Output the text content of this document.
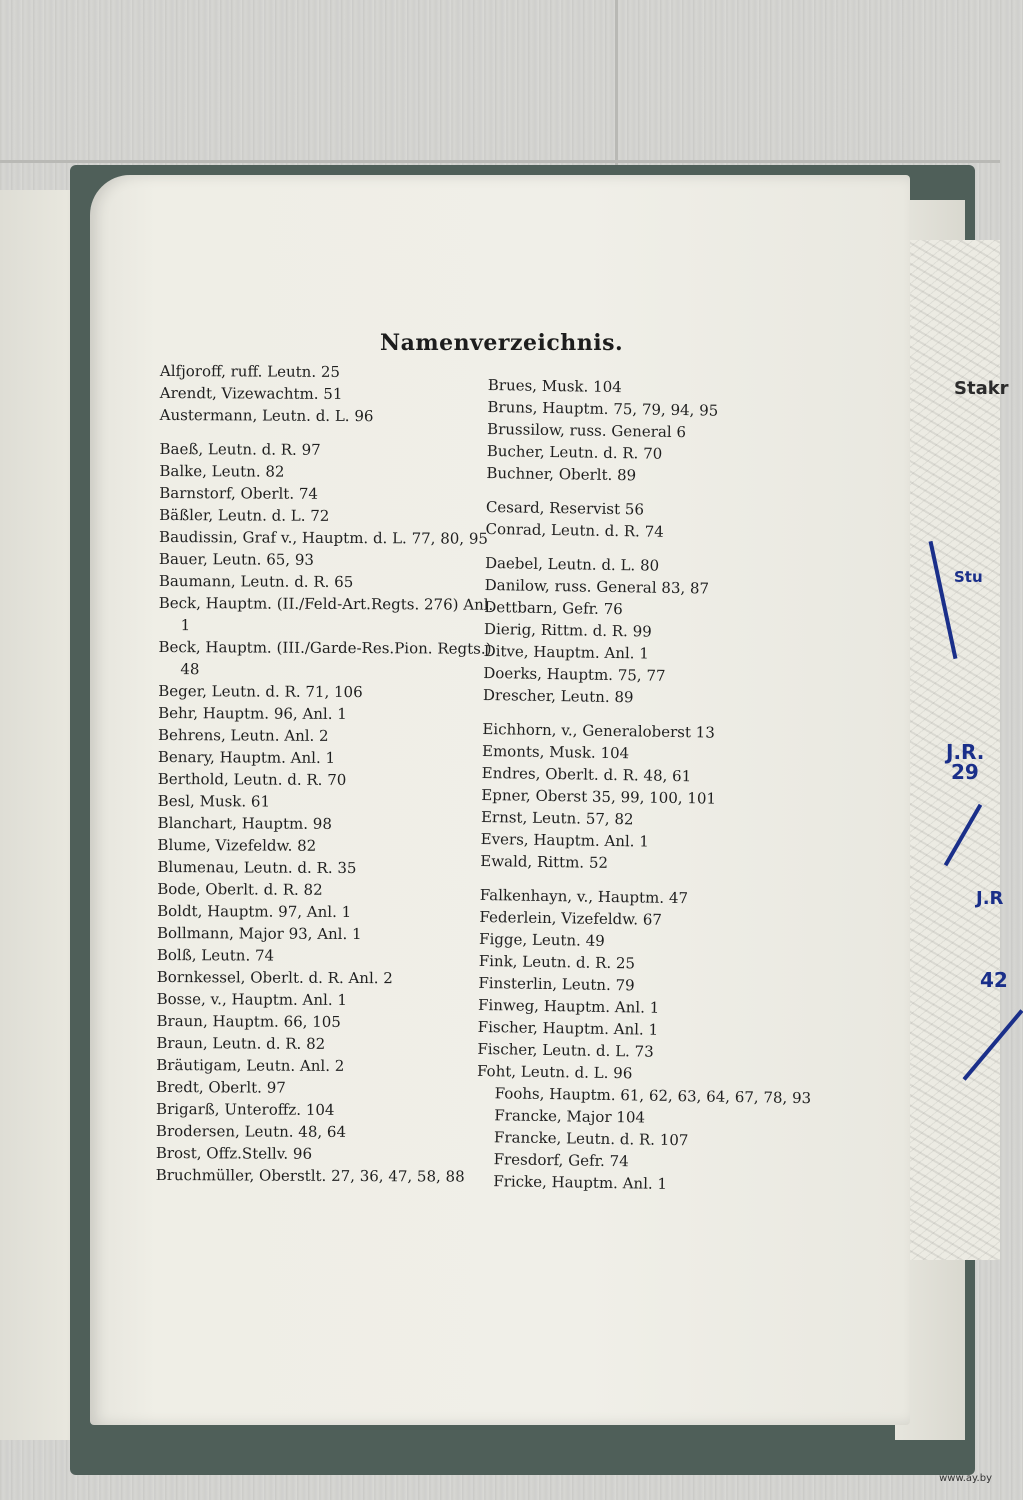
Stakr
Stu
J.R.
29
J.R
42
Namenverzeichnis.
Alfjoroff, ruff. Leutn. 25
Arendt, Vizewachtm. 51
Austermann, Leutn. d. L. 96
Baeß, Leutn. d. R. 97
Balke, Leutn. 82
Barnstorf, Oberlt. 74
Bäßler, Leutn. d. L. 72
Baudissin, Graf v., Hauptm. d. L. 77, 80, 95
Bauer, Leutn. 65, 93
Baumann, Leutn. d. R. 65
Beck, Hauptm. (II./Feld-Art.Regts. 276) Anl. 1
Beck, Hauptm. (III./Garde-Res.Pion. Regts.) 48
Beger, Leutn. d. R. 71, 106
Behr, Hauptm. 96, Anl. 1
Behrens, Leutn. Anl. 2
Benary, Hauptm. Anl. 1
Berthold, Leutn. d. R. 70
Besl, Musk. 61
Blanchart, Hauptm. 98
Blume, Vizefeldw. 82
Blumenau, Leutn. d. R. 35
Bode, Oberlt. d. R. 82
Boldt, Hauptm. 97, Anl. 1
Bollmann, Major 93, Anl. 1
Bolß, Leutn. 74
Bornkessel, Oberlt. d. R. Anl. 2
Bosse, v., Hauptm. Anl. 1
Braun, Hauptm. 66, 105
Braun, Leutn. d. R. 82
Bräutigam, Leutn. Anl. 2
Bredt, Oberlt. 97
Brigarß, Unteroffz. 104
Brodersen, Leutn. 48, 64
Brost, Offz.Stellv. 96
Bruchmüller, Oberstlt. 27, 36, 47, 58, 88
Brues, Musk. 104
Bruns, Hauptm. 75, 79, 94, 95
Brussilow, russ. General 6
Bucher, Leutn. d. R. 70
Buchner, Oberlt. 89
Cesard, Reservist 56
Conrad, Leutn. d. R. 74
Daebel, Leutn. d. L. 80
Danilow, russ. General 83, 87
Dettbarn, Gefr. 76
Dierig, Rittm. d. R. 99
Ditve, Hauptm. Anl. 1
Doerks, Hauptm. 75, 77
Drescher, Leutn. 89
Eichhorn, v., Generaloberst 13
Emonts, Musk. 104
Endres, Oberlt. d. R. 48, 61
Epner, Oberst 35, 99, 100, 101
Ernst, Leutn. 57, 82
Evers, Hauptm. Anl. 1
Ewald, Rittm. 52
Falkenhayn, v., Hauptm. 47
Federlein, Vizefeldw. 67
Figge, Leutn. 49
Fink, Leutn. d. R. 25
Finsterlin, Leutn. 79
Finweg, Hauptm. Anl. 1
Fischer, Hauptm. Anl. 1
Fischer, Leutn. d. L. 73
Foht, Leutn. d. L. 96
Foohs, Hauptm. 61, 62, 63, 64, 67, 78, 93
Francke, Major 104
Francke, Leutn. d. R. 107
Fresdorf, Gefr. 74
Fricke, Hauptm. Anl. 1
www.ay.by
